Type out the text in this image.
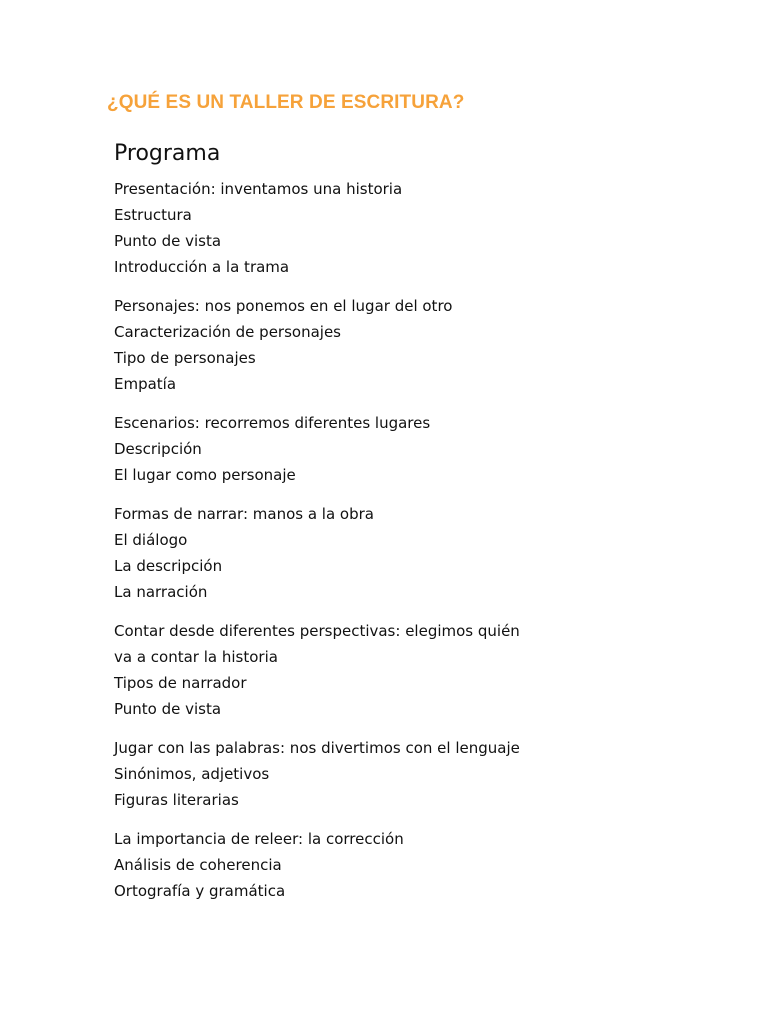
¿QUÉ ES UN TALLER DE ESCRITURA?
Programa
Presentación: inventamos una historia
Estructura
Punto de vista
Introducción a la trama
Personajes: nos ponemos en el lugar del otro
Caracterización de personajes
Tipo de personajes
Empatía
Escenarios: recorremos diferentes lugares
Descripción
El lugar como personaje
Formas de narrar: manos a la obra
El diálogo
La descripción
La narración
Contar desde diferentes perspectivas: elegimos quién
va a contar la historia
Tipos de narrador
Punto de vista
Jugar con las palabras: nos divertimos con el lenguaje
Sinónimos, adjetivos
Figuras literarias
La importancia de releer: la corrección
Análisis de coherencia
Ortografía y gramática
